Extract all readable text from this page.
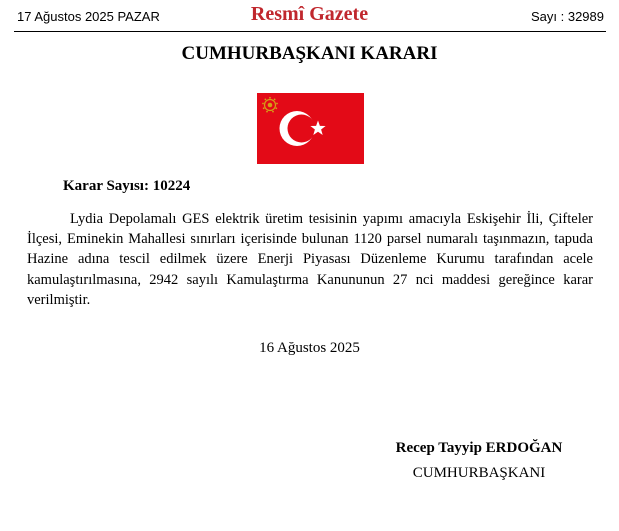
17 Ağustos 2025 PAZAR	Resmî Gazete	Sayı : 32989
CUMHURBAŞKANI KARARI
Karar Sayısı: 10224

Lydia Depolamalı GES elektrik üretim tesisinin yapımı amacıyla Eskişehir İli, Çifteler İlçesi, Eminekin Mahallesi sınırları içerisinde bulunan 1120 parsel numaralı taşınmazın, tapuda Hazine adına tescil edilmek üzere Enerji Piyasası Düzenleme Kurumu tarafından acele kamulaştırılmasına, 2942 sayılı Kamulaştırma Kanununun 27 nci maddesi gereğince karar verilmiştir.

16 Ağustos 2025
Recep Tayyip ERDOĞAN
CUMHURBAŞKANI
